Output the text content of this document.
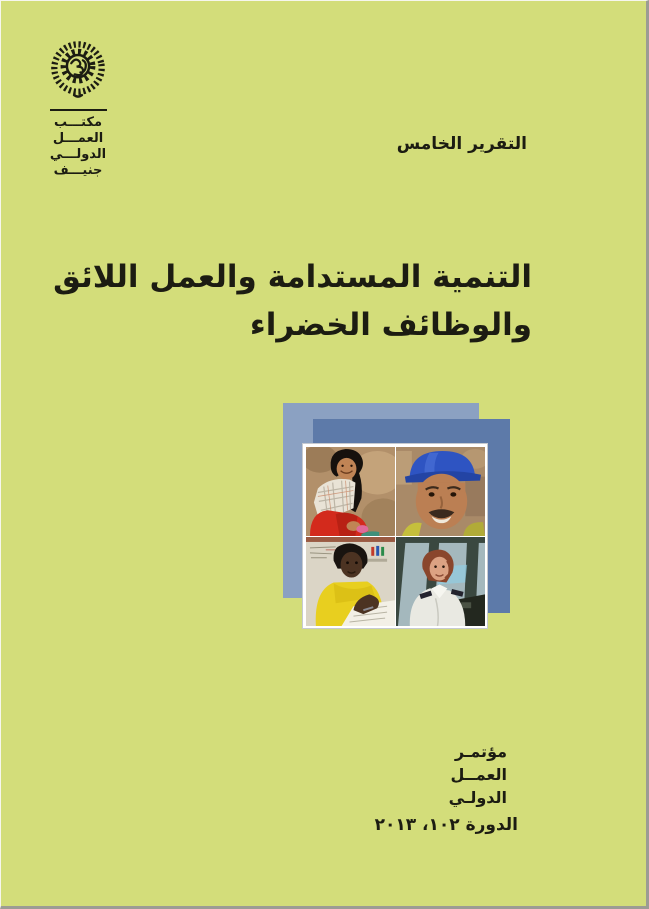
مكتـــب
العمـــل
الدولـــي
جنيـــف
التقرير الخامس
التنمية المستدامة والعمل اللائق
والوظائف الخضراء
مؤتمـر
العمــل
الدولـي
الدورة ١٠٢، ٢٠١٣
